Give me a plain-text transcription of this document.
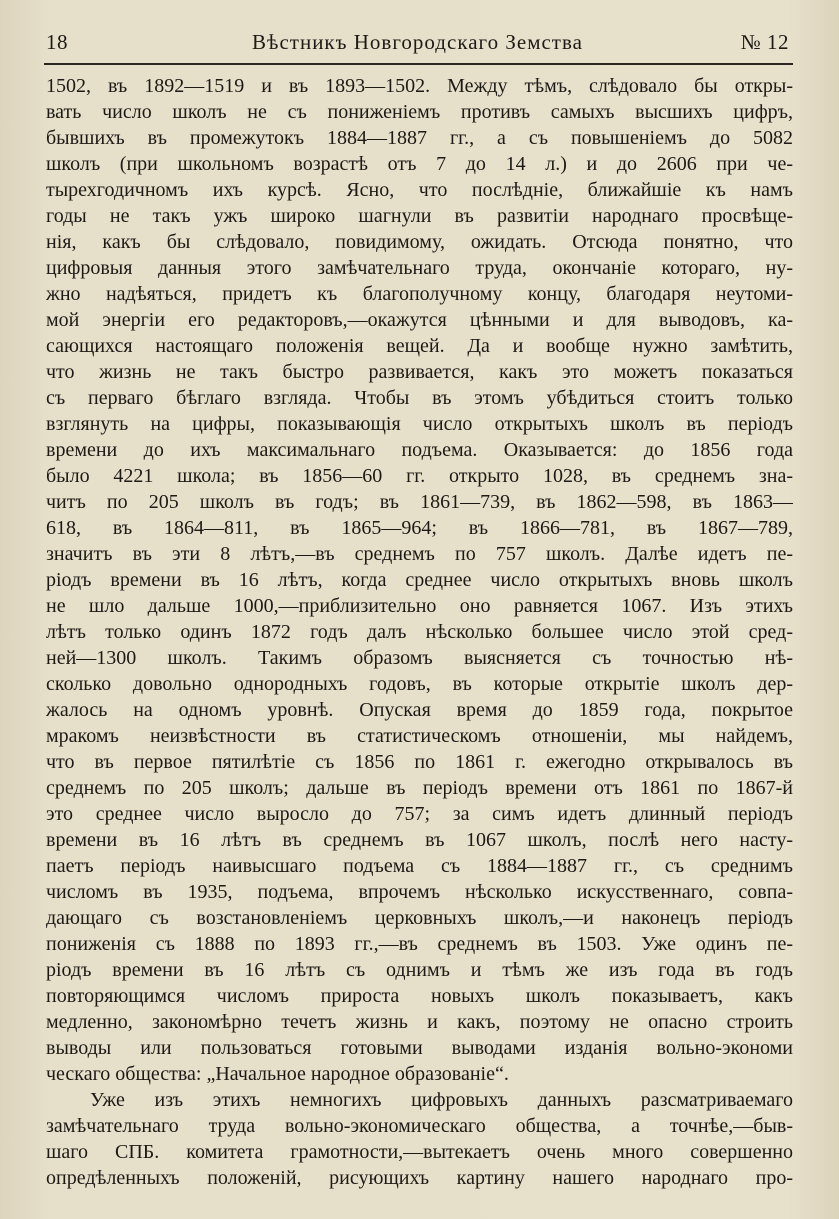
18	Вѣстникъ Новгородскаго Земства	№ 12
1502, въ 1892—1519 и въ 1893—1502. Между тѣмъ, слѣдовало бы откры-
вать число школъ не съ пониженіемъ противъ самыхъ высшихъ цифръ,
бывшихъ въ промежутокъ 1884—1887 гг., а съ повышеніемъ до 5082
школъ (при школьномъ возрастѣ отъ 7 до 14 л.) и до 2606 при че-
тырехгодичномъ ихъ курсѣ. Ясно, что послѣдніе, ближайшіе къ намъ
годы не такъ ужъ широко шагнули въ развитіи народнаго просвѣще-
нія, какъ бы слѣдовало, повидимому, ожидать. Отсюда понятно, что
цифровыя данныя этого замѣчательнаго труда, окончаніе котораго, ну-
жно надѣяться, придетъ къ благополучному концу, благодаря неутоми-
мой энергіи его редакторовъ,—окажутся цѣнными и для выводовъ, ка-
сающихся настоящаго положенія вещей. Да и вообще нужно замѣтить,
что жизнь не такъ быстро развивается, какъ это можетъ показаться
съ перваго бѣглаго взгляда. Чтобы въ этомъ убѣдиться стоитъ только
взглянуть на цифры, показывающія число открытыхъ школъ въ періодъ
времени до ихъ максимальнаго подъема. Оказывается: до 1856 года
было 4221 школа; въ 1856—60 гг. открыто 1028, въ среднемъ зна-
читъ по 205 школъ въ годъ; въ 1861—739, въ 1862—598, въ 1863—
618, въ 1864—811, въ 1865—964; въ 1866—781, въ 1867—789,
значитъ въ эти 8 лѣтъ,—въ среднемъ по 757 школъ. Далѣе идетъ пе-
ріодъ времени въ 16 лѣтъ, когда среднее число открытыхъ вновь школъ
не шло дальше 1000,—приблизительно оно равняется 1067. Изъ этихъ
лѣтъ только одинъ 1872 годъ далъ нѣсколько большее число этой сред-
ней—1300 школъ. Такимъ образомъ выясняется съ точностью нѣ-
сколько довольно однородныхъ годовъ, въ которые открытіе школъ дер-
жалось на одномъ уровнѣ. Опуская время до 1859 года, покрытое
мракомъ неизвѣстности въ статистическомъ отношеніи, мы найдемъ,
что въ первое пятилѣтіе съ 1856 по 1861 г. ежегодно открывалось въ
среднемъ по 205 школъ; дальше въ періодъ времени отъ 1861 по 1867-й
это среднее число выросло до 757; за симъ идетъ длинный періодъ
времени въ 16 лѣтъ въ среднемъ въ 1067 школъ, послѣ него насту-
паетъ періодъ наивысшаго подъема съ 1884—1887 гг., съ среднимъ
числомъ въ 1935, подъема, впрочемъ нѣсколько искусственнаго, совпа-
дающаго съ возстановленіемъ церковныхъ школъ,—и наконецъ періодъ
пониженія съ 1888 по 1893 гг.,—въ среднемъ въ 1503. Уже одинъ пе-
ріодъ времени въ 16 лѣтъ съ однимъ и тѣмъ же изъ года въ годъ
повторяющимся числомъ прироста новыхъ школъ показываетъ, какъ
медленно, закономѣрно течетъ жизнь и какъ, поэтому не опасно строить
выводы или пользоваться готовыми выводами изданія вольно-экономи
ческаго общества: „Начальное народное образованіе“.
Уже изъ этихъ немногихъ цифровыхъ данныхъ разсматриваемаго
замѣчательнаго труда вольно-экономическаго общества, а точнѣе,—быв-
шаго СПБ. комитета грамотности,—вытекаетъ очень много совершенно
опредѣленныхъ положеній, рисующихъ картину нашего народнаго про-
